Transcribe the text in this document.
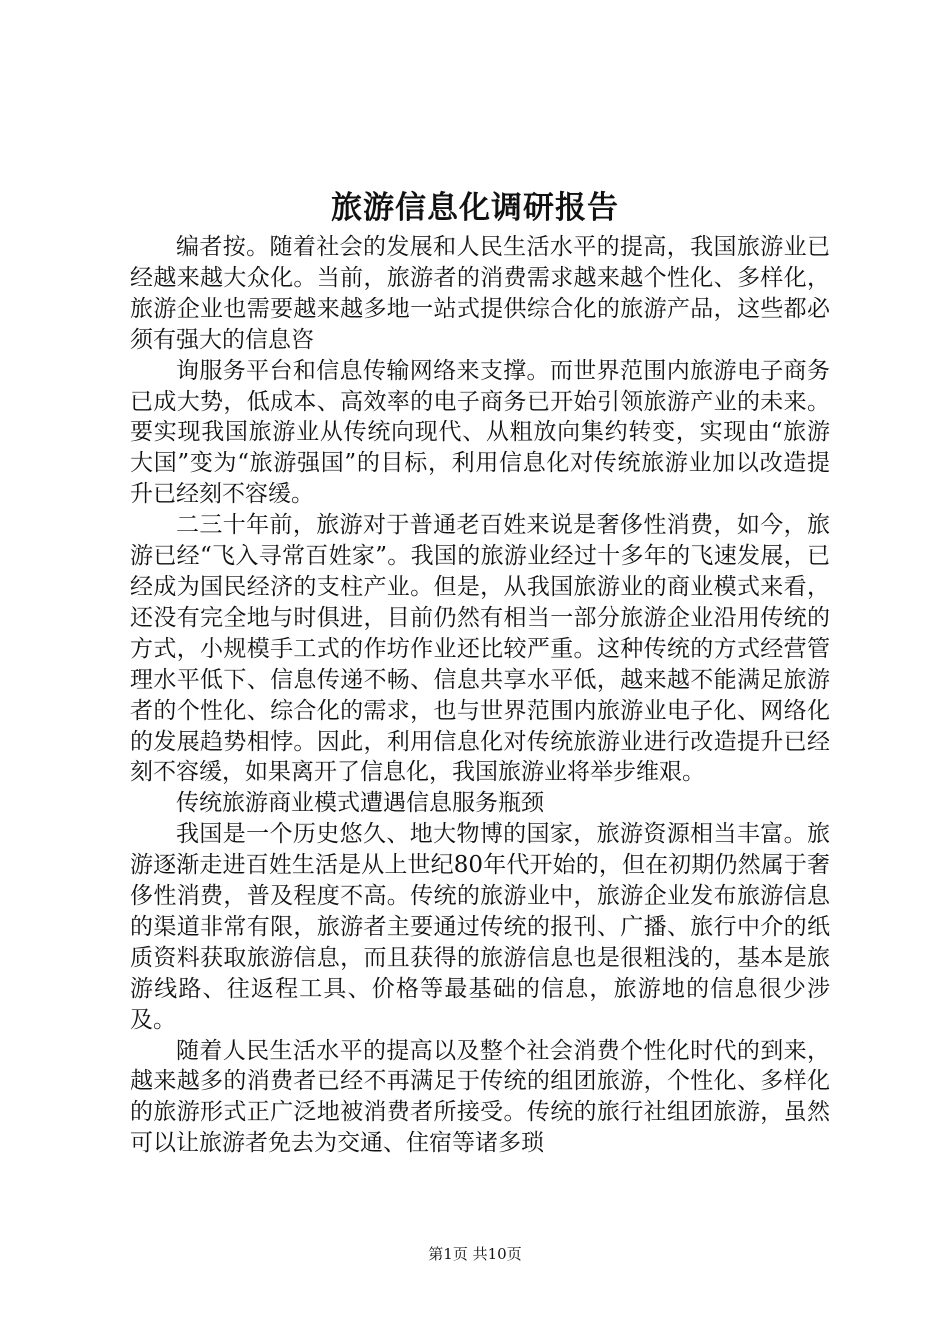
旅游信息化调研报告

编者按。随着社会的发展和人民生活水平的提高，我国旅游业已经越来越大众化。当前，旅游者的消费需求越来越个性化、多样化，旅游企业也需要越来越多地一站式提供综合化的旅游产品，这些都必须有强大的信息咨

询服务平台和信息传输网络来支撑。而世界范围内旅游电子商务已成大势，低成本、高效率的电子商务已开始引领旅游产业的未来。要实现我国旅游业从传统向现代、从粗放向集约转变，实现由“旅游大国”变为“旅游强国”的目标，利用信息化对传统旅游业加以改造提升已经刻不容缓。

二三十年前，旅游对于普通老百姓来说是奢侈性消费，如今，旅游已经“飞入寻常百姓家”。我国的旅游业经过十多年的飞速发展，已经成为国民经济的支柱产业。但是，从我国旅游业的商业模式来看，还没有完全地与时俱进，目前仍然有相当一部分旅游企业沿用传统的方式，小规模手工式的作坊作业还比较严重。这种传统的方式经营管理水平低下、信息传递不畅、信息共享水平低，越来越不能满足旅游者的个性化、综合化的需求，也与世界范围内旅游业电子化、网络化的发展趋势相悖。因此，利用信息化对传统旅游业进行改造提升已经刻不容缓，如果离开了信息化，我国旅游业将举步维艰。

传统旅游商业模式遭遇信息服务瓶颈

我国是一个历史悠久、地大物博的国家，旅游资源相当丰富。旅游逐渐走进百姓生活是从上世纪80年代开始的，但在初期仍然属于奢侈性消费，普及程度不高。传统的旅游业中，旅游企业发布旅游信息的渠道非常有限，旅游者主要通过传统的报刊、广播、旅行中介的纸质资料获取旅游信息，而且获得的旅游信息也是很粗浅的，基本是旅游线路、往返程工具、价格等最基础的信息，旅游地的信息很少涉及。

随着人民生活水平的提高以及整个社会消费个性化时代的到来，越来越多的消费者已经不再满足于传统的组团旅游，个性化、多样化的旅游形式正广泛地被消费者所接受。传统的旅行社组团旅游，虽然可以让旅游者免去为交通、住宿等诸多琐

第1页 共10页
